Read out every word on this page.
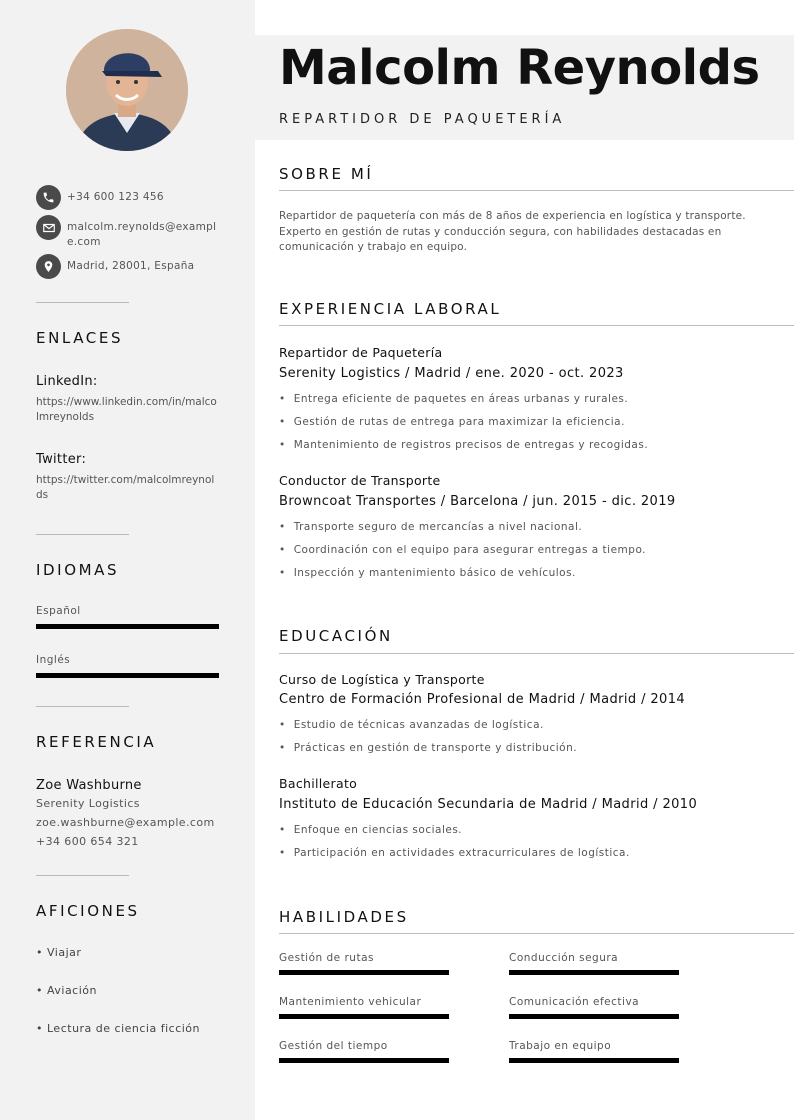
+34 600 123 456
malcolm.reynolds@example.com
Madrid, 28001, España
ENLACES
LinkedIn:
https://www.linkedin.com/in/malcolmreynolds
Twitter:
https://twitter.com/malcolmreynolds
IDIOMAS
Español
Inglés
REFERENCIA
Zoe Washburne
Serenity Logistics
zoe.washburne@example.com
+34 600 654 321
AFICIONES
• Viajar
• Aviación
• Lectura de ciencia ficción
Malcolm Reynolds
REPARTIDOR DE PAQUETERÍA
SOBRE MÍ
Repartidor de paquetería con más de 8 años de experiencia en logística y transporte. Experto en gestión de rutas y conducción segura, con habilidades destacadas en comunicación y trabajo en equipo.
EXPERIENCIA LABORAL
Repartidor de Paquetería
Serenity Logistics / Madrid / ene. 2020 - oct. 2023
• Entrega eficiente de paquetes en áreas urbanas y rurales.
• Gestión de rutas de entrega para maximizar la eficiencia.
• Mantenimiento de registros precisos de entregas y recogidas.
Conductor de Transporte
Browncoat Transportes / Barcelona / jun. 2015 - dic. 2019
• Transporte seguro de mercancías a nivel nacional.
• Coordinación con el equipo para asegurar entregas a tiempo.
• Inspección y mantenimiento básico de vehículos.
EDUCACIÓN
Curso de Logística y Transporte
Centro de Formación Profesional de Madrid / Madrid / 2014
• Estudio de técnicas avanzadas de logística.
• Prácticas en gestión de transporte y distribución.
Bachillerato
Instituto de Educación Secundaria de Madrid / Madrid / 2010
• Enfoque en ciencias sociales.
• Participación en actividades extracurriculares de logística.
HABILIDADES
Gestión de rutas	Conducción segura
Mantenimiento vehicular	Comunicación efectiva
Gestión del tiempo	Trabajo en equipo
